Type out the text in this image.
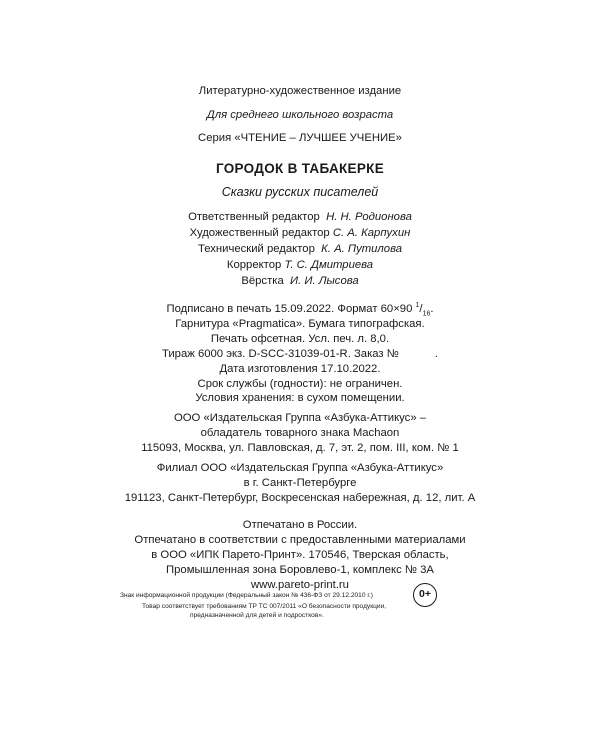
Литературно-художественное издание
Для среднего школьного возраста
Серия «ЧТЕНИЕ – ЛУЧШЕЕ УЧЕНИЕ»
ГОРОДОК В ТАБАКЕРКЕ
Сказки русских писателей
Ответственный редактор Н. Н. Родионова
Художественный редактор С. А. Карпухин
Технический редактор К. А. Путилова
Корректор Т. С. Дмитриева
Вёрстка И. И. Лысова
Подписано в печать 15.09.2022. Формат 60×90 $^1/_{16}$.
Гарнитура «Pragmatica». Бумага типографская.
Печать офсетная. Усл. печ. л. 8,0.
Тираж 6000 экз. D-SCC-31039-01-R. Заказ №	.
Дата изготовления 17.10.2022.
Срок службы (годности): не ограничен.
Условия хранения: в сухом помещении.
ООО «Издательская Группа «Азбука-Аттикус» –
обладатель товарного знака Machaon
115093, Москва, ул. Павловская, д. 7, эт. 2, пом. III, ком. № 1
Филиал ООО «Издательская Группа «Азбука-Аттикус»
в г. Санкт-Петербурге
191123, Санкт-Петербург, Воскресенская набережная, д. 12, лит. А
Отпечатано в России.
Отпечатано в соответствии с предоставленными материалами
в ООО «ИПК Парето-Принт». 170546, Тверская область,
Промышленная зона Боровлево-1, комплекс № 3А
www.pareto-print.ru
Знак информационной продукции (Федеральный закон № 436-ФЗ от 29.12.2010 г.)	0+
Товар соответствует требованиям ТР ТС 007/2011 «О безопасности продукции,
предназначенной для детей и подростков».
